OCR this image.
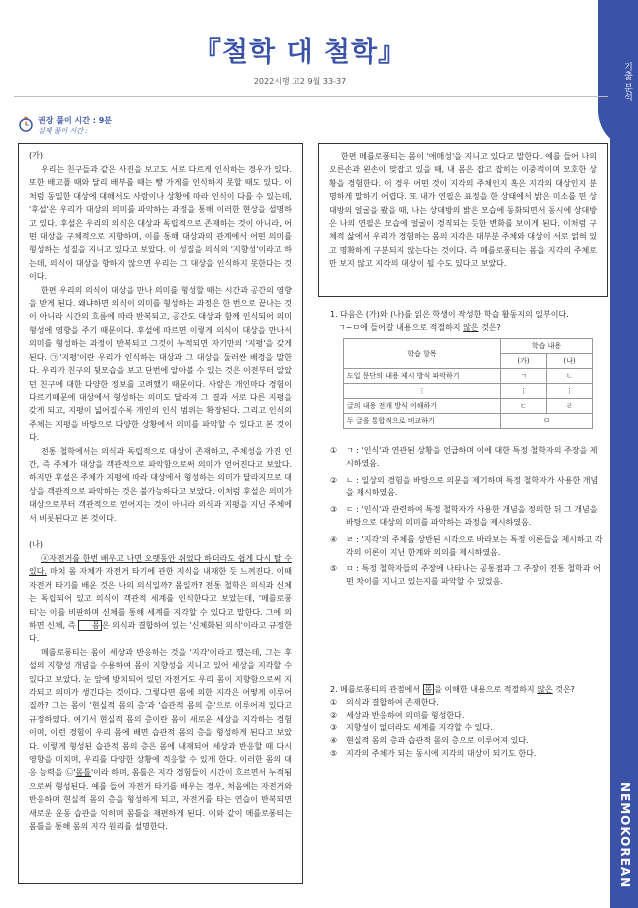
기출 분석
NEMOKOREAN
『철학 대 철학』
2022시행 고2 9월 33-37
권장 풀이 시간 : 9분
실제 풀이 시간 :

(가)

우리는 친구들과 같은 사진을 보고도 서로 다르게 인식하는 경우가 있다. 또한 배고플 때와 달리 배부를 때는 빵 가게를 인식하지 못할 때도 있다. 이처럼 동일한 대상에 대해서도 사람이나 상황에 따라 인식이 다를 수 있는데, '후설'은 우리가 대상의 의미를 파악하는 과정을 통해 이러한 현상을 설명하고 있다. 후설은 우리의 의식은 대상과 독립적으로 존재하는 것이 아니라, 어떤 대상을 구체적으로 지향하며, 이를 통해 대상과의 관계에서 어떤 의미를 형성하는 성질을 지니고 있다고 보았다. 이 성질을 의식의 '지향성'이라고 하는데, 의식이 대상을 향하지 않으면 우리는 그 대상을 인식하지 못한다는 것이다.

한편 우리의 의식이 대상을 만나 의미를 형성할 때는 시간과 공간의 영향을 받게 된다. 왜냐하면 의식이 의미를 형성하는 과정은 한 번으로 끝나는 것이 아니라 시간의 흐름에 따라 반복되고, 공간도 대상과 함께 인식되어 의미 형성에 영향을 주기 때문이다. 후설에 따르면 이렇게 의식이 대상을 만나서 의미를 형성하는 과정이 반복되고 그것이 누적되면 자기만의 '지평'을 갖게 된다. ㉠'지평'이란 우리가 인식하는 대상과 그 대상을 둘러싼 배경을 말한다. 우리가 친구의 뒷모습을 보고 단번에 알아볼 수 있는 것은 이전부터 알았던 친구에 대한 다양한 정보를 고려했기 때문이다. 사람은 개인마다 경험이 다르기때문에 대상에서 형성하는 의미도 달라져 그 결과 서로 다른 지평을 갖게 되고, 지평이 넓어질수록 개인의 인식 범위는 확장된다. 그리고 인식의 주체는 지평을 바탕으로 다양한 상황에서 의미를 파악할 수 있다고 본 것이다.

전통 철학에서는 의식과 독립적으로 대상이 존재하고, 주체성을 가진 인간, 즉 주체가 대상을 객관적으로 파악함으로써 의미가 얻어진다고 보았다. 하지만 후설은 주체가 지평에 따라 대상에서 형성하는 의미가 달라지므로 대상을 객관적으로 파악하는 것은 불가능하다고 보았다. 이처럼 후설은 의미가 대상으로부터 객관적으로 얻어지는 것이 아니라 의식과 지평을 지닌 주체에서 비롯된다고 본 것이다.

(나)

ⓐ자전거를 한번 배우고 나면 오랫동안 쉬었다 하더라도 쉽게 다시 탈 수 있다. 마치 몸 자체가 자전거 타기에 관한 지식을 내재한 듯 느껴진다. 이때 자전거 타기를 배운 것은 나의 의식일까? 몸일까? 전통 철학은 의식과 신체는 독립되어 있고 의식이 객관적 세계를 인식한다고 보았는데, '메를로퐁티'는 이를 비판하며 신체를 통해 세계를 지각할 수 있다고 말한다. 그에 의하면 신체, 즉 몸 은 의식과 결합하여 있는 '신체화된 의식'이라고 규정한다.

메를로퐁티는 몸이 세상과 반응하는 것을 '지각'이라고 했는데, 그는 후설의 지향성 개념을 수용하여 몸이 지향성을 지니고 있어 세상을 지각할 수 있다고 보았다. 눈 앞에 방치되어 있던 자전거도 우리 몸이 지향함으로써 지각되고 의미가 생긴다는 것이다. 그렇다면 몸에 의한 지각은 어떻게 이루어질까? 그는 몸이 '현실적 몸의 층'과 '습관적 몸의 층'으로 이루어져 있다고 규정하였다. 여기서 현실적 몸의 층이란 몸이 새로운 세상을 지각하는 경험이며, 이런 경험이 우리 몸에 배면 습관적 몸의 층을 형성하게 된다고 보았다. 이렇게 형성된 습관적 몸의 층은 몸에 내재되어 세상과 반응할 때 다시 영향을 미치며, 우리를 다양한 상황에 적응할 수 있게 한다. 이러한 몸의 대응 능력을 ㉡'몸틀'이라 하며, 몸틀은 지각 경험들이 시간이 흐르면서 누적됨으로써 형성된다. 예를 들어 자전거 타기를 배우는 경우, 처음에는 자전거와 반응하며 현실적 몸의 층을 형성하게 되고, 자전거를 타는 연습이 반복되면 새로운 운동 습관을 익히며 몸틀을 재편하게 된다. 이와 같이 메를로퐁티는 몸틀을 통해 몸의 지각 원리를 설명한다.

한편 메를로퐁티는 몸이 '애매성'을 지니고 있다고 말한다. 예를 들어 나의 오른손과 왼손이 맞잡고 있을 때, 내 몸은 잡고 잡히는 이중적이며 모호한 상황을 경험한다. 이 경우 어떤 것이 지각의 주체인지 혹은 지각의 대상인지 분명하게 말하기 어렵다. 또 내가 연필은 표정을 한 상태에서 밝은 미소를 띤 상대방의 얼굴을 봤을 때, 나는 상대방의 밝은 모습에 동화되면서 동시에 상대방은 나의 연필은 모습에 얼굴이 경직되는 듯한 변화를 보이게 된다. 이처럼 구체적 삶에서 우리가 경험하는 몸의 지각은 대부분 주체와 대상이 서로 얽혀 있고 명확하게 구분되지 않는다는 것이다. 즉 메를로퐁티는 몸을 지각의 주체로만 보지 않고 지각의 대상이 될 수도 있다고 보았다.

1. 다음은 (가)와 (나)를 읽은 학생이 작성한 학습 활동지의 일부이다.
ㄱ~ㅁ에 들어갈 내용으로 적절하지 않은 것은?
학습 항목	학습 내용	
	(가)	(나)
도입 문단의 내용 제시 방식 파악하기	ㄱ	ㄴ
⋮	⋮	⋮
글의 내용 전개 방식 이해하기	ㄷ	ㄹ
두 글을 통합적으로 비교하기	ㅁ	
①	ㄱ : '인식'과 연관된 상황을 언급하며 이에 대한 특정 철학자의 주장을 제시하였음.
②	ㄴ : 일상의 경험을 바탕으로 의문을 제기하며 특정 철학자가 사용한 개념을 제시하였음.
③	ㄷ : '인식'과 관련하여 특정 철학자가 사용한 개념을 정의한 뒤 그 개념을 바탕으로 대상의 의미를 파악하는 과정을 제시하였음.
④	ㄹ : '지각'의 주체를 상반된 시각으로 바라보는 특정 이론들을 제시하고 각각의 이론이 지닌 한계와 의의를 제시하였음.
⑤	ㅁ : 특정 철학자들의 주장에 나타나는 공통점과 그 주장이 전통 철학과 어떤 차이를 지니고 있는지를 파악할 수 있었음.
2. 메를로퐁티의 관점에서 몸 을 이해한 내용으로 적절하지 않은 것은?
①	의식과 결합하여 존재한다.
②	세상과 반응하여 의미를 형성한다.
③	지향성이 없더라도 세계를 지각할 수 있다.
④	현실적 몸의 층과 습관적 몸의 층으로 이루어져 있다.
⑤	지각의 주체가 되는 동시에 지각의 대상이 되기도 한다.
